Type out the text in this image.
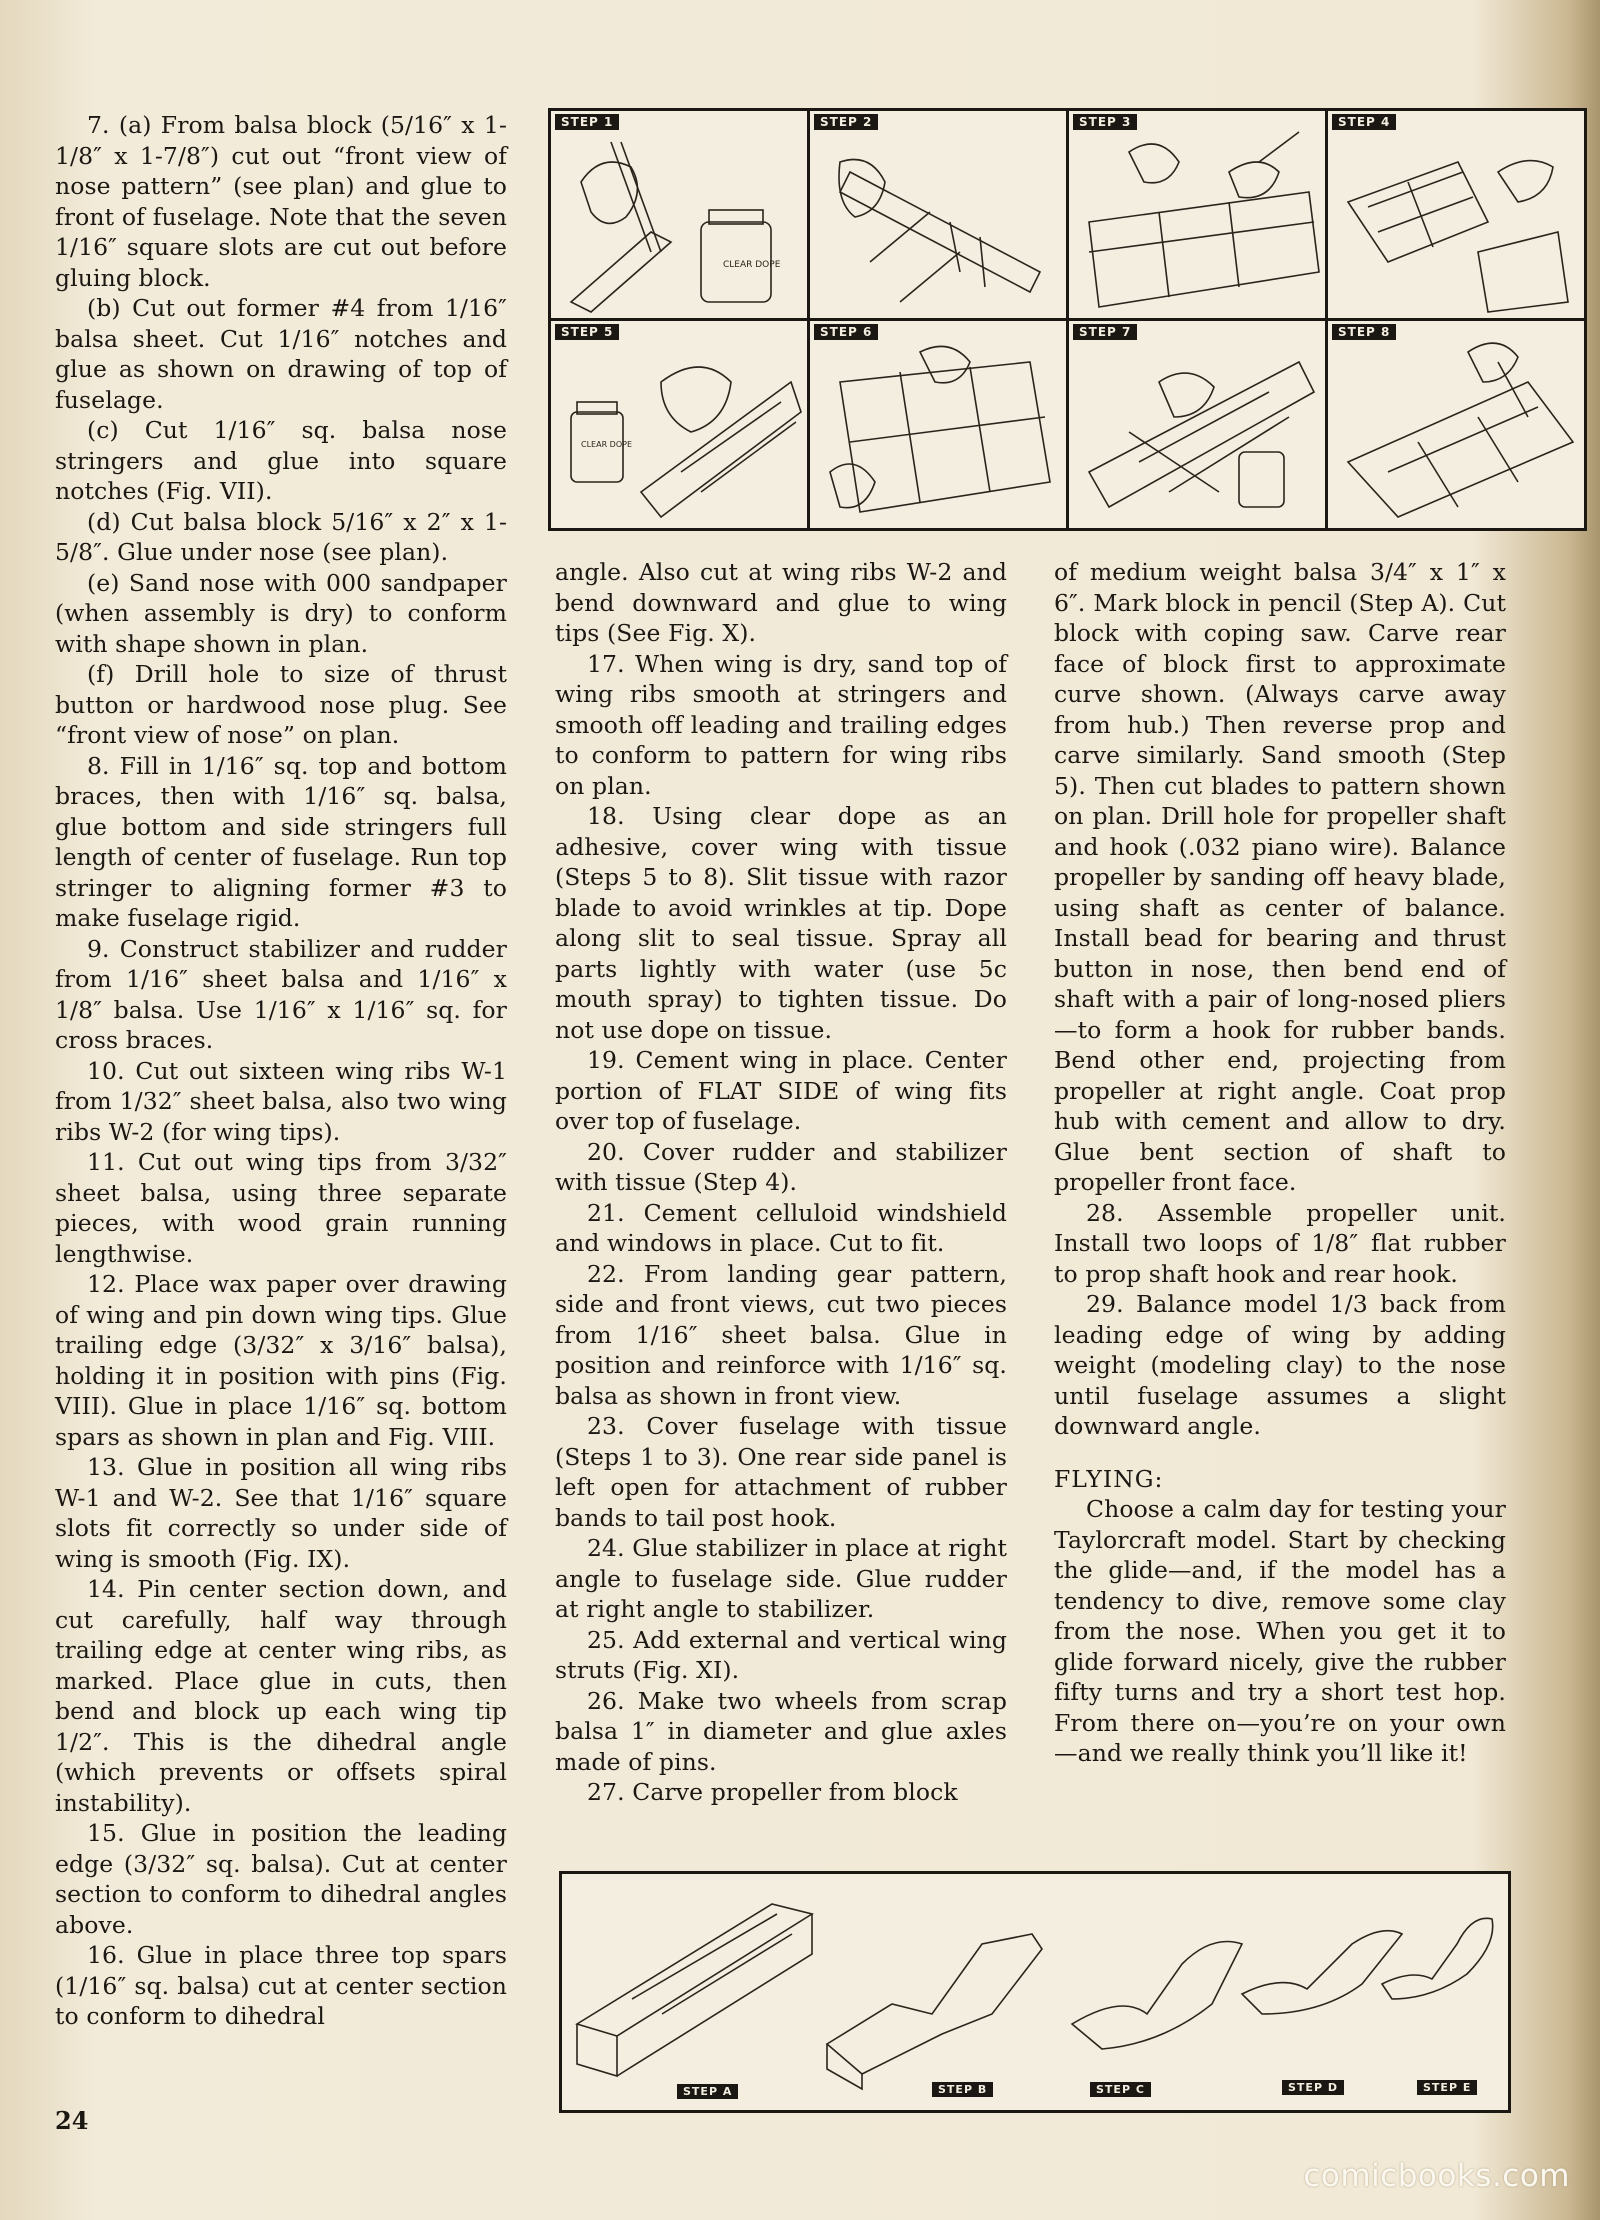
7. (a) From balsa block (5/16″ x 1-1/8″ x 1-7/8″) cut out “front view of nose pattern” (see plan) and glue to front of fuselage. Note that the seven 1/16″ square slots are cut out before gluing block.

(b) Cut out former #4 from 1/16″ balsa sheet. Cut 1/16″ notches and glue as shown on drawing of top of fuselage.

(c) Cut 1/16″ sq. balsa nose stringers and glue into square notches (Fig. VII).

(d) Cut balsa block 5/16″ x 2″ x 1-5/8″. Glue under nose (see plan).

(e) Sand nose with 000 sandpaper (when assembly is dry) to conform with shape shown in plan.

(f) Drill hole to size of thrust button or hardwood nose plug. See “front view of nose” on plan.

8. Fill in 1/16″ sq. top and bottom braces, then with 1/16″ sq. balsa, glue bottom and side stringers full length of center of fuselage. Run top stringer to aligning former #3 to make fuselage rigid.

9. Construct stabilizer and rudder from 1/16″ sheet balsa and 1/16″ x 1/8″ balsa. Use 1/16″ x 1/16″ sq. for cross braces.

10. Cut out sixteen wing ribs W-1 from 1/32″ sheet balsa, also two wing ribs W-2 (for wing tips).

11. Cut out wing tips from 3/32″ sheet balsa, using three separate pieces, with wood grain running lengthwise.

12. Place wax paper over drawing of wing and pin down wing tips. Glue trailing edge (3/32″ x 3/16″ balsa), holding it in position with pins (Fig. VIII). Glue in place 1/16″ sq. bottom spars as shown in plan and Fig. VIII.

13. Glue in position all wing ribs W-1 and W-2. See that 1/16″ square slots fit correctly so under side of wing is smooth (Fig. IX).

14. Pin center section down, and cut carefully, half way through trailing edge at center wing ribs, as marked. Place glue in cuts, then bend and block up each wing tip 1/2″. This is the dihedral angle (which prevents or offsets spiral instability).

15. Glue in position the leading edge (3/32″ sq. balsa). Cut at center section to conform to dihedral angles above.

16. Glue in place three top spars (1/16″ sq. balsa) cut at center section to conform to dihedral

CLEAR DOPE
STEP 1	STEP 2	STEP 3	STEP 4
CLEAR DOPE
STEP 5	STEP 6	STEP 7	STEP 8

angle. Also cut at wing ribs W-2 and bend downward and glue to wing tips (See Fig. X).

17. When wing is dry, sand top of wing ribs smooth at stringers and smooth off leading and trailing edges to conform to pattern for wing ribs on plan.

18. Using clear dope as an adhesive, cover wing with tissue (Steps 5 to 8). Slit tissue with razor blade to avoid wrinkles at tip. Dope along slit to seal tissue. Spray all parts lightly with water (use 5c mouth spray) to tighten tissue. Do not use dope on tissue.

19. Cement wing in place. Center portion of FLAT SIDE of wing fits over top of fuselage.

20. Cover rudder and stabilizer with tissue (Step 4).

21. Cement celluloid windshield and windows in place. Cut to fit.

22. From landing gear pattern, side and front views, cut two pieces from 1/16″ sheet balsa. Glue in position and reinforce with 1/16″ sq. balsa as shown in front view.

23. Cover fuselage with tissue (Steps 1 to 3). One rear side panel is left open for attachment of rubber bands to tail post hook.

24. Glue stabilizer in place at right angle to fuselage side. Glue rudder at right angle to stabilizer.

25. Add external and vertical wing struts (Fig. XI).

26. Make two wheels from scrap balsa 1″ in diameter and glue axles made of pins.

27. Carve propeller from block

of medium weight balsa 3/4″ x 1″ x 6″. Mark block in pencil (Step A). Cut block with coping saw. Carve rear face of block first to approximate curve shown. (Always carve away from hub.) Then reverse prop and carve similarly. Sand smooth (Step 5). Then cut blades to pattern shown on plan. Drill hole for propeller shaft and hook (.032 piano wire). Balance propeller by sanding off heavy blade, using shaft as center of balance. Install bead for bearing and thrust button in nose, then bend end of shaft with a pair of long-nosed pliers—to form a hook for rubber bands. Bend other end, projecting from propeller at right angle. Coat prop hub with cement and allow to dry. Glue bent section of shaft to propeller front face.

28. Assemble propeller unit. Install two loops of 1/8″ flat rubber to prop shaft hook and rear hook.

29. Balance model 1/3 back from leading edge of wing by adding weight (modeling clay) to the nose until fuselage assumes a slight downward angle.

FLYING:

Choose a calm day for testing your Taylorcraft model. Start by checking the glide—and, if the model has a tendency to dive, remove some clay from the nose. When you get it to glide forward nicely, give the rubber fifty turns and try a short test hop. From there on—you’re on your own—and we really think you’ll like it!

STEP A	STEP B	STEP C	STEP D	STEP E
24
comicbooks.com
